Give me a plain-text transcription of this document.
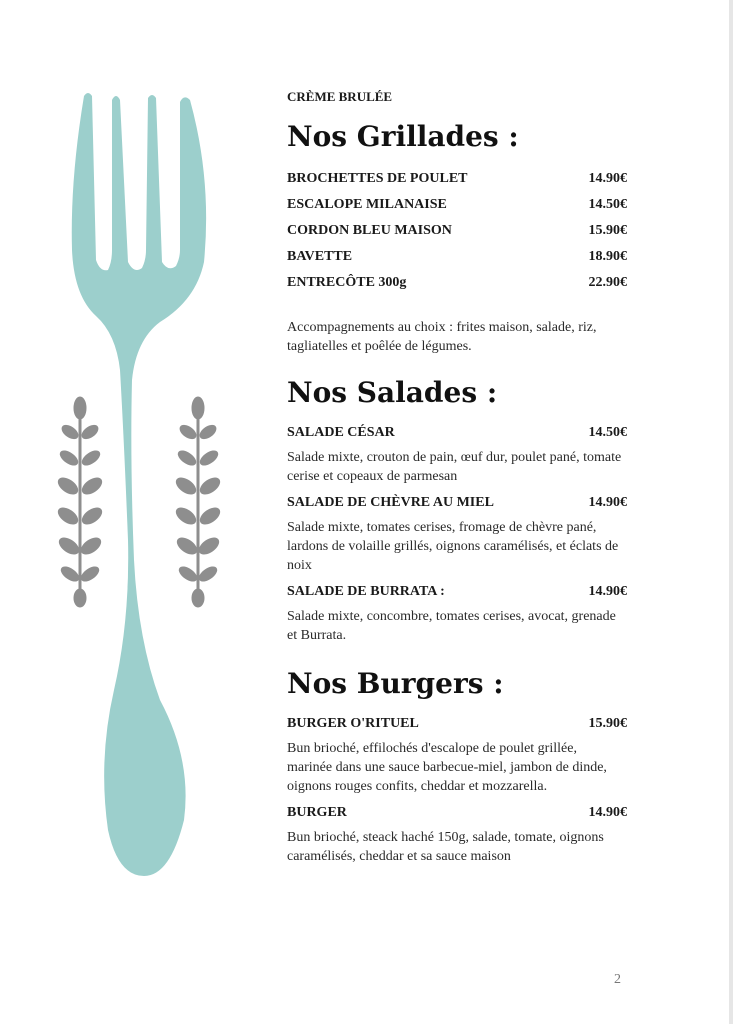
CRÈME BRULÉE
Nos Grillades :
BROCHETTES DE POULET	14.90€
ESCALOPE MILANAISE	14.50€
CORDON BLEU MAISON	15.90€
BAVETTE	18.90€
ENTRECÔTE 300g	22.90€

Accompagnements au choix : frites maison, salade, riz, tagliatelles et poêlée de légumes.

Nos Salades :
SALADE CÉSAR	14.50€

Salade mixte, crouton de pain, œuf dur, poulet pané, tomate cerise et copeaux de parmesan

SALADE DE CHÈVRE AU MIEL	14.90€

Salade mixte, tomates cerises, fromage de chèvre pané, lardons de volaille grillés, oignons caramélisés, et éclats de noix

SALADE DE BURRATA :	14.90€

Salade mixte, concombre, tomates cerises, avocat, grenade et Burrata.

Nos Burgers :
BURGER O'RITUEL	15.90€

Bun brioché, effilochés d'escalope de poulet grillée, marinée dans une sauce barbecue-miel, jambon de dinde, oignons rouges confits, cheddar et mozzarella.

BURGER	14.90€

Bun brioché, steack haché 150g, salade, tomate, oignons caramélisés, cheddar et sa sauce maison

2
